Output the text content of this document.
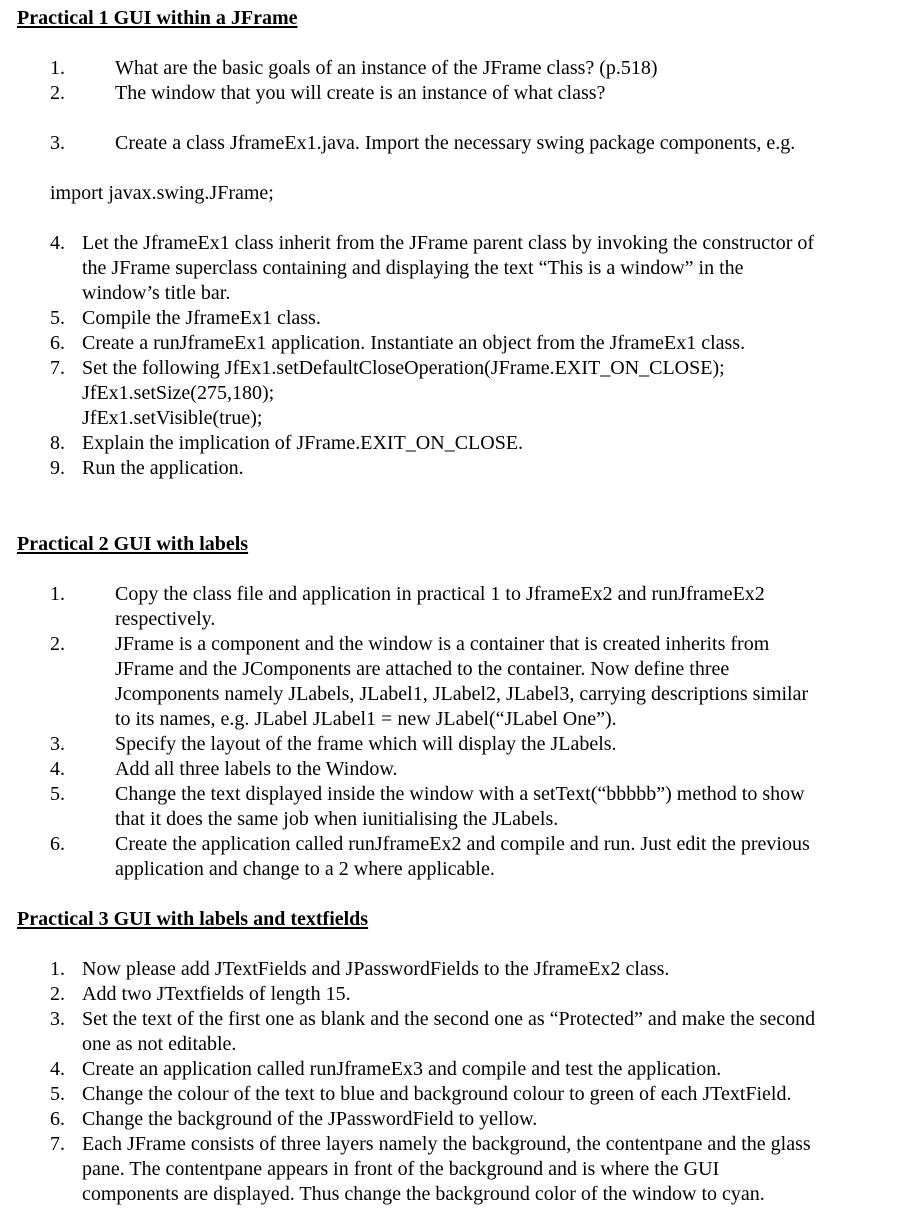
Practical 1 GUI within a JFrame
1.	What are the basic goals of an instance of the JFrame class? (p.518)
2.	The window that you will create is an instance of what class?
3.	Create a class JframeEx1.java. Import the necessary swing package components, e.g.
import javax.swing.JFrame;
4. Let the JframeEx1 class inherit from the JFrame parent class by invoking the constructor of
the JFrame superclass containing and displaying the text “This is a window” in the
window’s title bar.
5. Compile the JframeEx1 class.
6. Create a runJframeEx1 application. Instantiate an object from the JframeEx1 class.
7. Set the following JfEx1.setDefaultCloseOperation(JFrame.EXIT_ON_CLOSE);
JfEx1.setSize(275,180);
JfEx1.setVisible(true);
8. Explain the implication of JFrame.EXIT_ON_CLOSE.
9. Run the application.
Practical 2 GUI with labels
1.	Copy the class file and application in practical 1 to JframeEx2 and runJframeEx2
respectively.
2.	JFrame is a component and the window is a container that is created inherits from
JFrame and the JComponents are attached to the container. Now define three
Jcomponents namely JLabels, JLabel1, JLabel2, JLabel3, carrying descriptions similar
to its names, e.g. JLabel JLabel1 = new JLabel(“JLabel One”).
3.	Specify the layout of the frame which will display the JLabels.
4.	Add all three labels to the Window.
5.	Change the text displayed inside the window with a setText(“bbbbb”) method to show
that it does the same job when iunitialising the JLabels.
6.	Create the application called runJframeEx2 and compile and run. Just edit the previous
application and change to a 2 where applicable.
Practical 3 GUI with labels and textfields
1. Now please add JTextFields and JPasswordFields to the JframeEx2 class.
2. Add two JTextfields of length 15.
3. Set the text of the first one as blank and the second one as “Protected” and make the second
one as not editable.
4. Create an application called runJframeEx3 and compile and test the application.
5. Change the colour of the text to blue and background colour to green of each JTextField.
6. Change the background of the JPasswordField to yellow.
7. Each JFrame consists of three layers namely the background, the contentpane and the glass
pane. The contentpane appears in front of the background and is where the GUI
components are displayed. Thus change the background color of the window to cyan.
